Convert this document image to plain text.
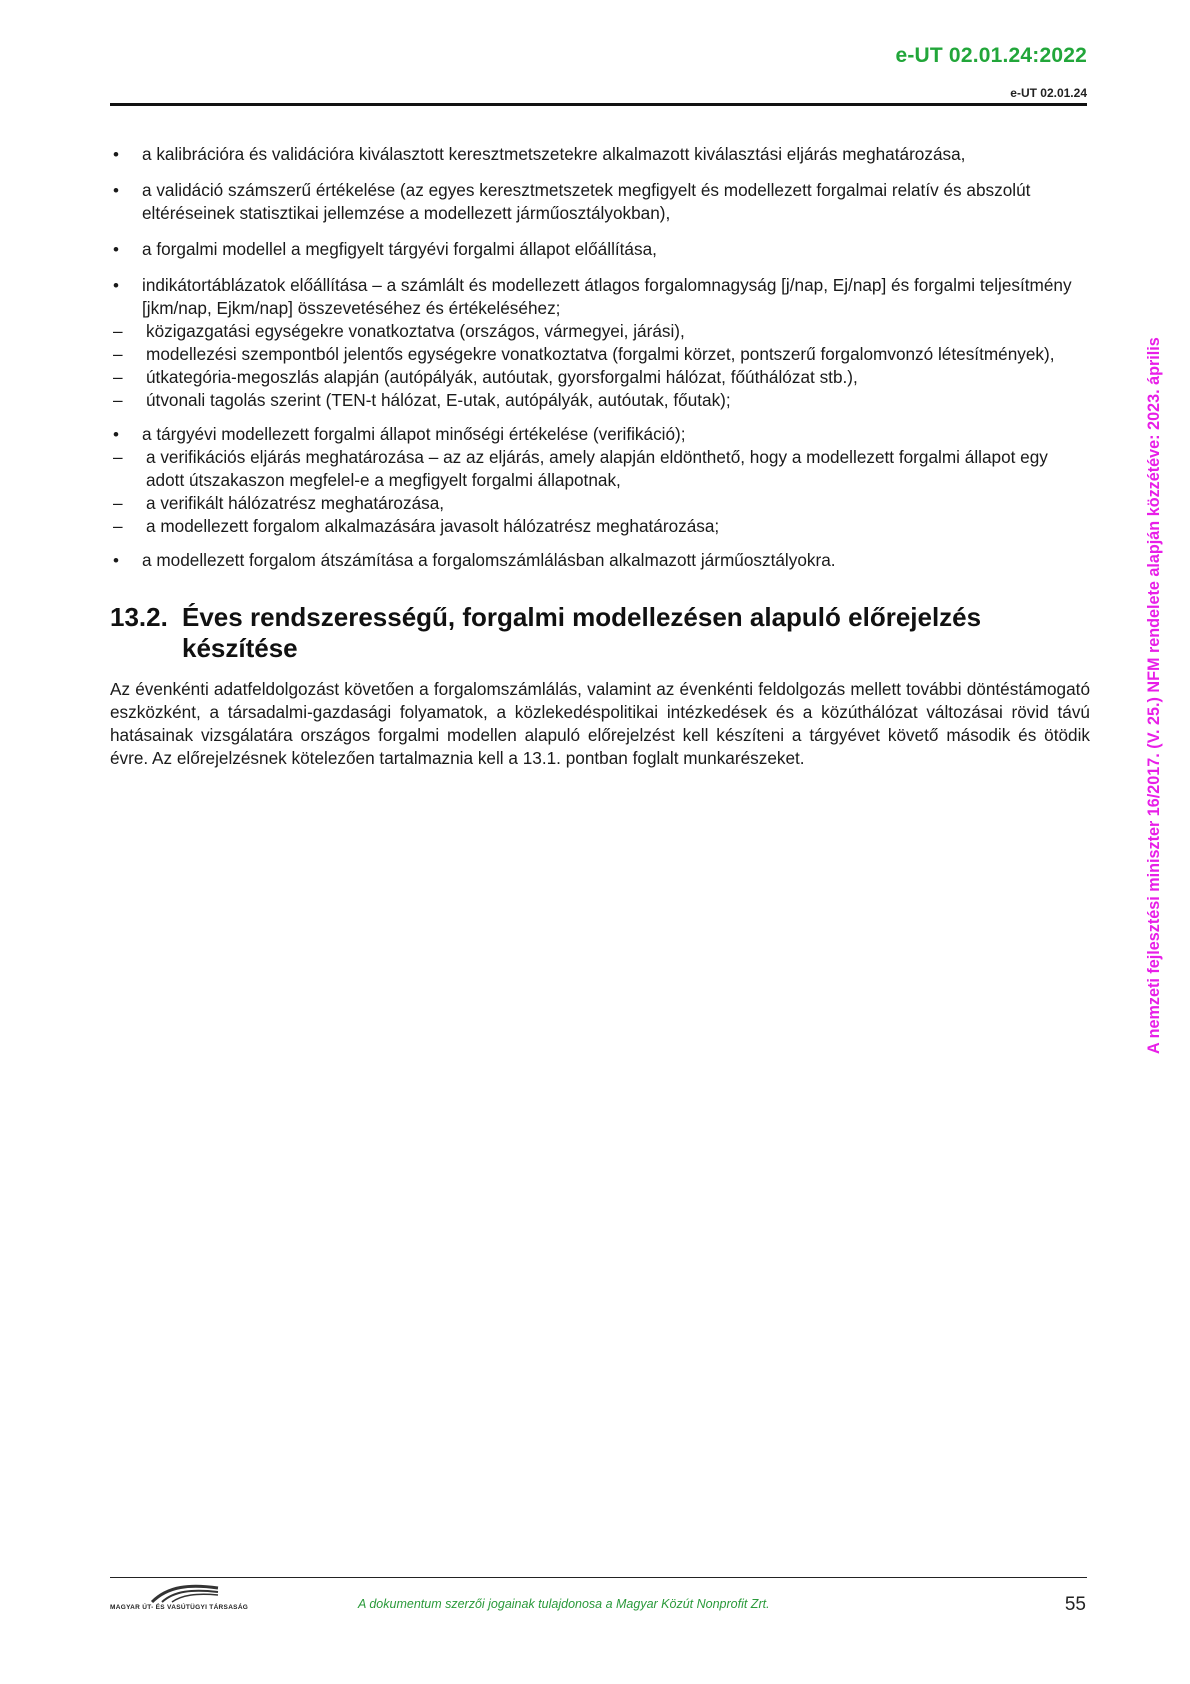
e-UT 02.01.24:2022
e-UT 02.01.24
• a kalibrációra és validációra kiválasztott keresztmetszetekre alkalmazott kiválasztási eljárás meghatározása,
• a validáció számszerű értékelése (az egyes keresztmetszetek megfigyelt és modellezett forgalmai relatív és abszolút eltéréseinek statisztikai jellemzése a modellezett járműosztályokban),
• a forgalmi modellel a megfigyelt tárgyévi forgalmi állapot előállítása,
• indikátortáblázatok előállítása – a számlált és modellezett átlagos forgalomnagyság [j/nap, Ej/nap] és forgalmi teljesítmény [jkm/nap, Ejkm/nap] összevetéséhez és értékeléséhez;
– közigazgatási egységekre vonatkoztatva (országos, vármegyei, járási),
– modellezési szempontból jelentős egységekre vonatkoztatva (forgalmi körzet, pontszerű forgalomvonzó létesítmények),
– útkategória-megoszlás alapján (autópályák, autóutak, gyorsforgalmi hálózat, főúthálózat stb.),
– útvonali tagolás szerint (TEN-t hálózat, E-utak, autópályák, autóutak, főutak);
• a tárgyévi modellezett forgalmi állapot minőségi értékelése (verifikáció);
– a verifikációs eljárás meghatározása – az az eljárás, amely alapján eldönthető, hogy a modellezett forgalmi állapot egy adott útszakaszon megfelel-e a megfigyelt forgalmi állapotnak,
– a verifikált hálózatrész meghatározása,
– a modellezett forgalom alkalmazására javasolt hálózatrész meghatározása;
• a modellezett forgalom átszámítása a forgalomszámlálásban alkalmazott járműosztályokra.
13.2. Éves rendszerességű, forgalmi modellezésen alapuló előrejelzés készítése

Az évenkénti adatfeldolgozást követően a forgalomszámlálás, valamint az évenkénti feldolgozás mellett további döntéstámogató eszközként, a társadalmi-gazdasági folyamatok, a közlekedéspolitikai intézkedések és a közúthálózat változásai rövid távú hatásainak vizsgálatára országos forgalmi modellen alapuló előrejelzést kell készíteni a tárgyévet követő második és ötödik évre. Az előrejelzésnek kötelezően tartalmaznia kell a 13.1. pontban foglalt munkarészeket.	A nemzeti fejlesztési miniszter 16/2017. (V. 25.) NFM rendelete alapján közzétéve: 2023. április
MAGYAR ÚT- ÉS VASÚTÜGYI TÁRSASÁG	A dokumentum szerzői jogainak tulajdonosa a Magyar Közút Nonprofit Zrt.	55
